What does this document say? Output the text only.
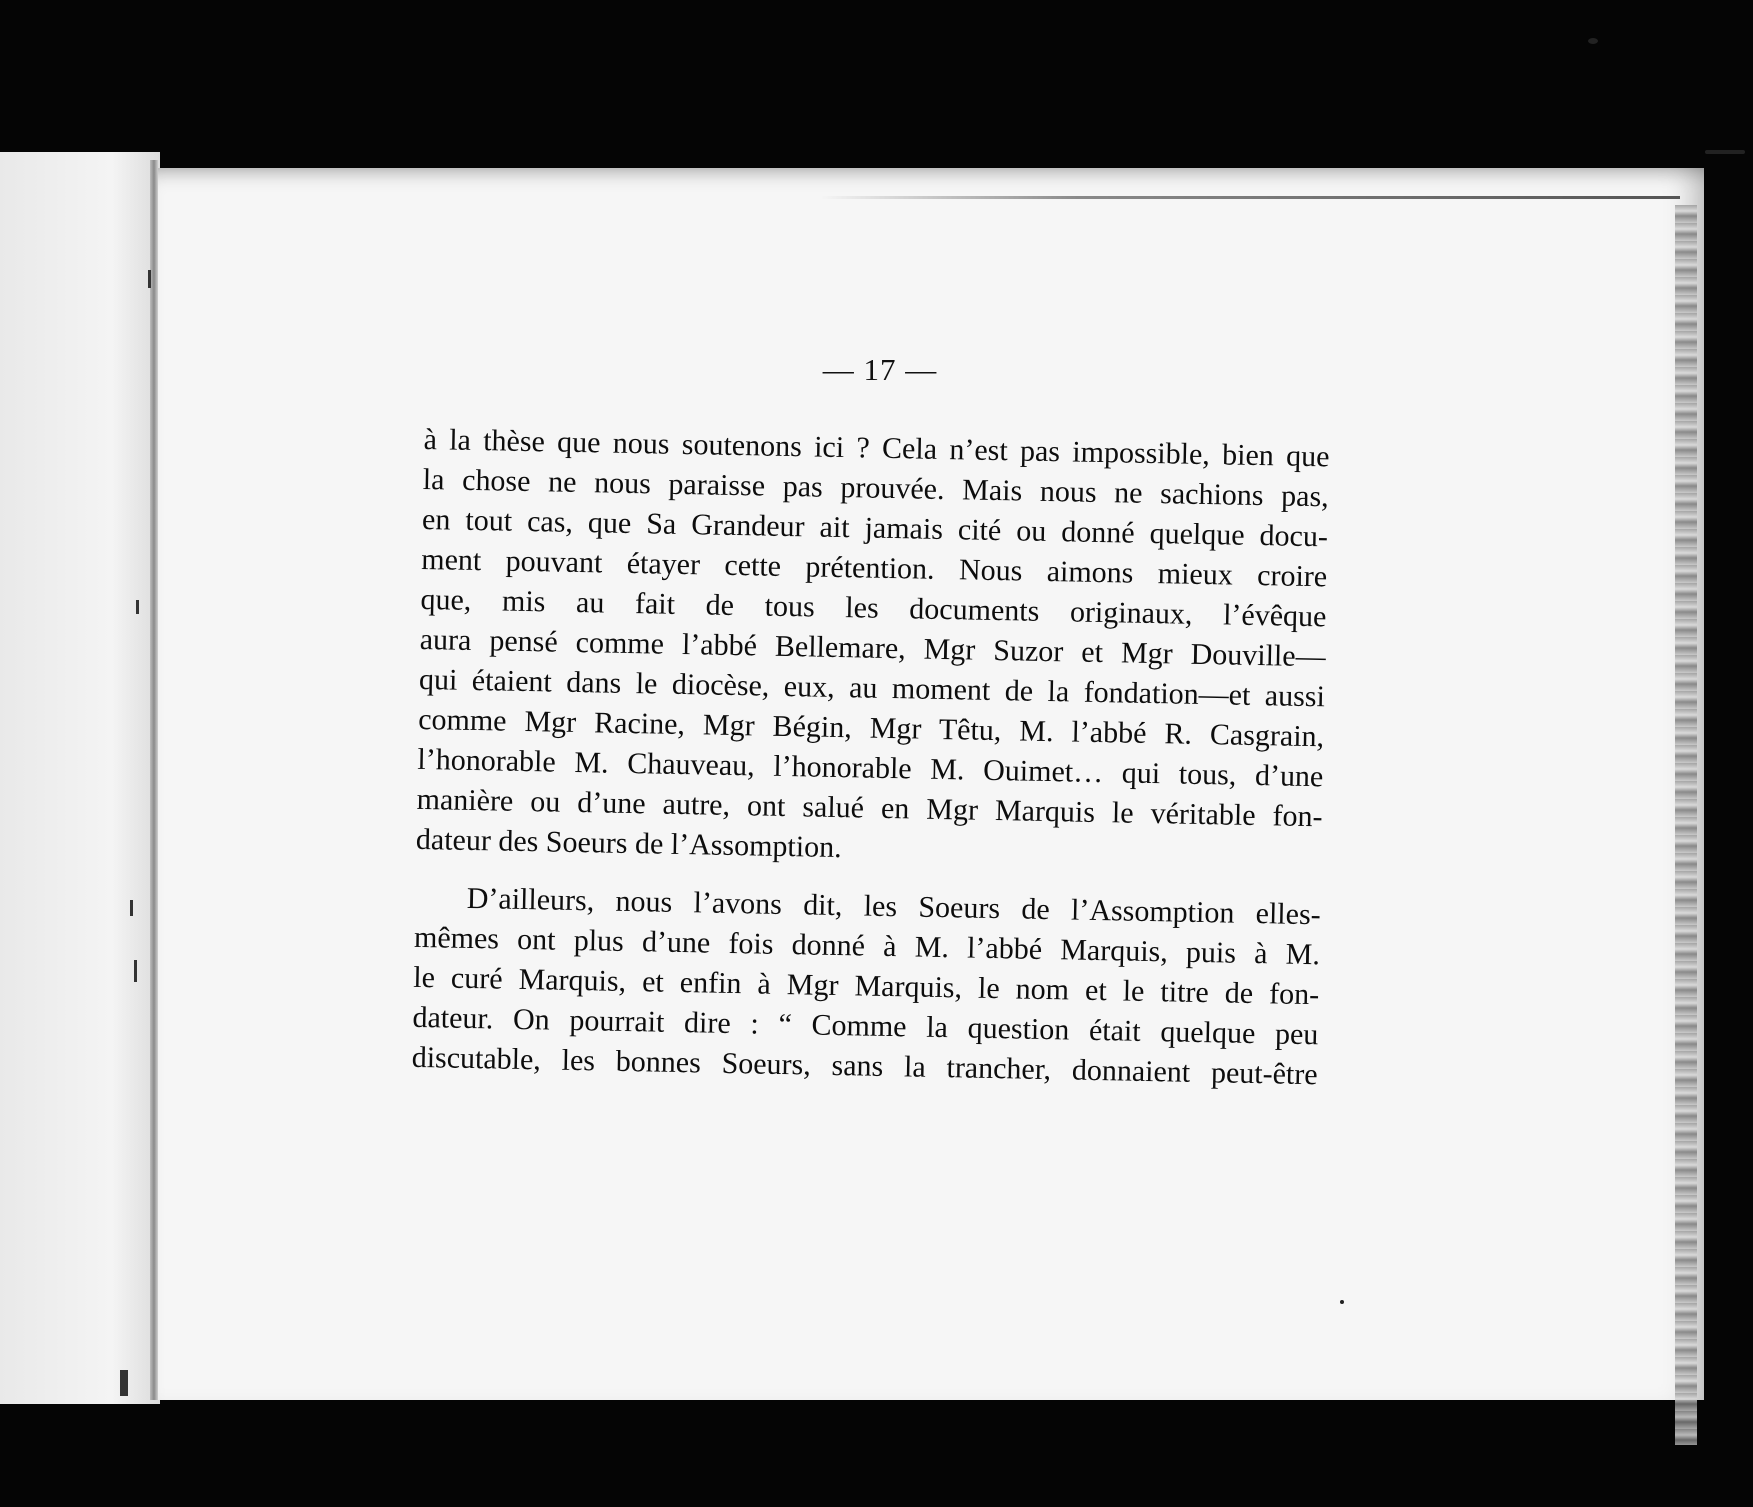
— 17 —
à la thèse que nous soutenons ici ? Cela n’est pas impossible, bien que
la chose ne nous paraisse pas prouvée. Mais nous ne sachions pas,
en tout cas, que Sa Grandeur ait jamais cité ou donné quelque docu-
ment pouvant étayer cette prétention. Nous aimons mieux croire
que, mis au fait de tous les documents originaux, l’évêque
aura pensé comme l’abbé Bellemare, Mgr Suzor et Mgr Douville—
qui étaient dans le diocèse, eux, au moment de la fondation—et aussi
comme Mgr Racine, Mgr Bégin, Mgr Têtu, M. l’abbé R. Casgrain,
l’honorable M. Chauveau, l’honorable M. Ouimet… qui tous, d’une
manière ou d’une autre, ont salué en Mgr Marquis le véritable fon-
dateur des Soeurs de l’Assomption.
D’ailleurs, nous l’avons dit, les Soeurs de l’Assomption elles-
mêmes ont plus d’une fois donné à M. l’abbé Marquis, puis à M.
le curé Marquis, et enfin à Mgr Marquis, le nom et le titre de fon-
dateur. On pourrait dire : “ Comme la question était quelque peu
discutable, les bonnes Soeurs, sans la trancher, donnaient peut-être
